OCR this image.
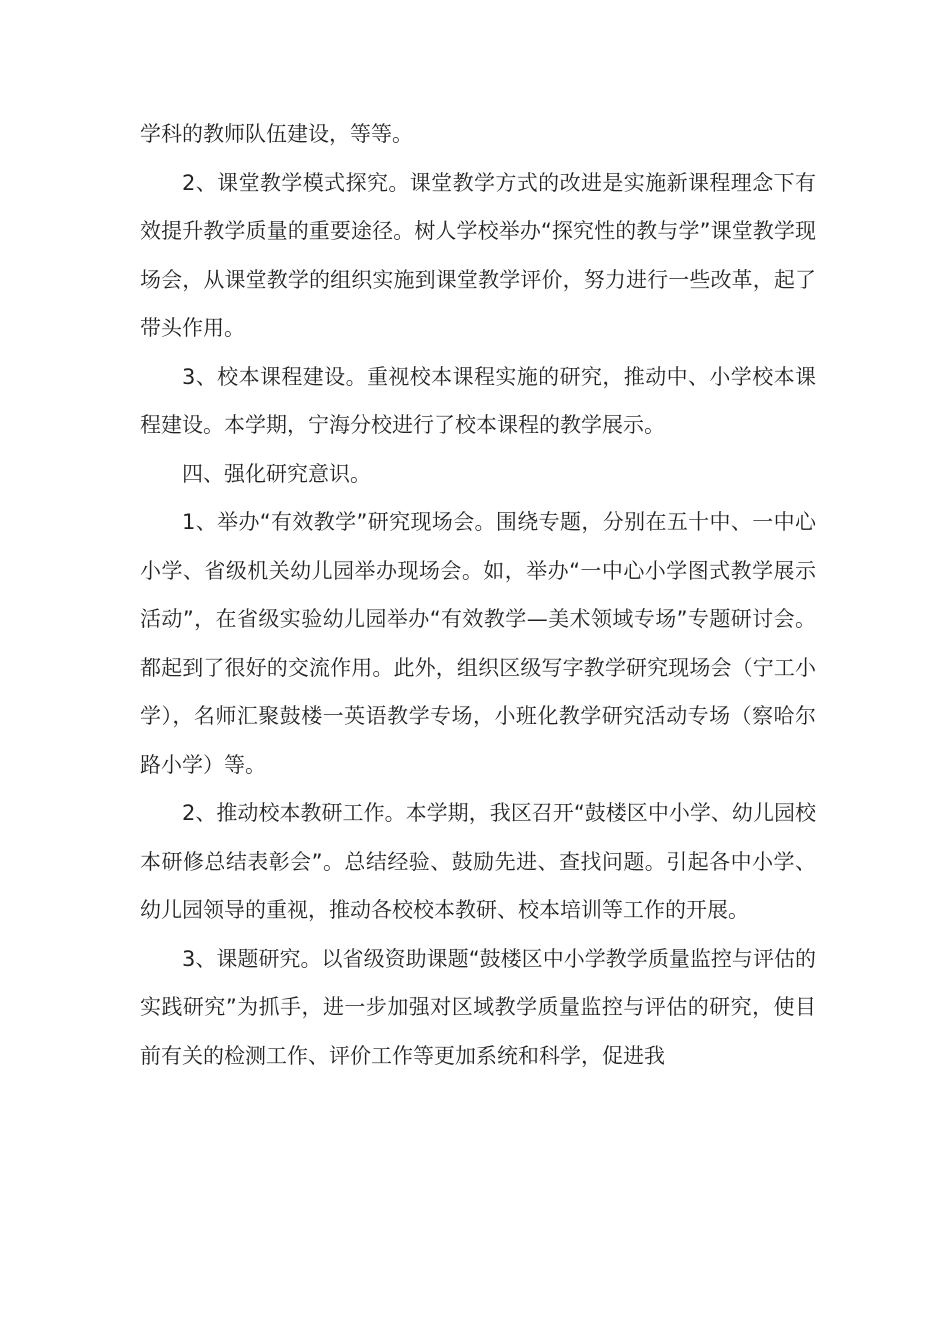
学科的教师队伍建设，等等。

2、课堂教学模式探究。课堂教学方式的改进是实施新课程理念下有效提升教学质量的重要途径。树人学校举办“探究性的教与学”课堂教学现场会，从课堂教学的组织实施到课堂教学评价，努力进行一些改革，起了带头作用。

3、校本课程建设。重视校本课程实施的研究，推动中、小学校本课程建设。本学期，宁海分校进行了校本课程的教学展示。

四、强化研究意识。

1、举办“有效教学”研究现场会。围绕专题，分别在五十中、一中心小学、省级机关幼儿园举办现场会。如，举办“一中心小学图式教学展示活动”，在省级实验幼儿园举办“有效教学—美术领域专场”专题研讨会。都起到了很好的交流作用。此外，组织区级写字教学研究现场会（宁工小学），名师汇聚鼓楼一英语教学专场，小班化教学研究活动专场（察哈尔路小学）等。

2、推动校本教研工作。本学期，我区召开“鼓楼区中小学、幼儿园校本研修总结表彰会”。总结经验、鼓励先进、查找问题。引起各中小学、幼儿园领导的重视，推动各校校本教研、校本培训等工作的开展。

3、课题研究。以省级资助课题“鼓楼区中小学教学质量监控与评估的实践研究”为抓手，进一步加强对区域教学质量监控与评估的研究，使目前有关的检测工作、评价工作等更加系统和科学，促进我
